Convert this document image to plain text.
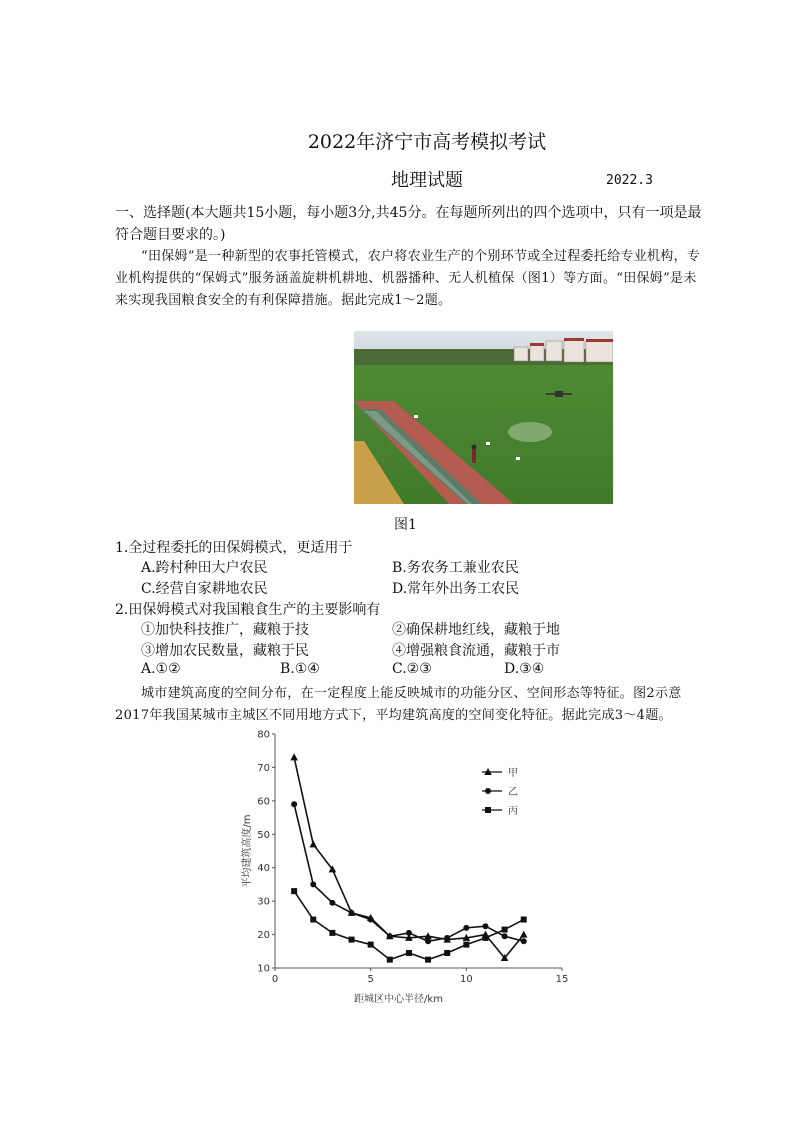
2022年济宁市高考模拟考试
地理试题	2022.3
一、选择题(本大题共15小题，每小题3分,共45分。在每题所列出的四个选项中，只有一项是最符合题目要求的。)
“田保姆”是一种新型的农事托管模式，农户将农业生产的个别环节或全过程委托给专业机构，专业机构提供的“保姆式”服务涵盖旋耕机耕地、机器播种、无人机植保（图1）等方面。“田保姆”是未来实现我国粮食安全的有利保障措施。据此完成1～2题。
图1
1.全过程委托的田保姆模式，更适用于
A.跨村种田大户农民	B.务农务工兼业农民
C.经营自家耕地农民	D.常年外出务工农民
2.田保姆模式对我国粮食生产的主要影响有
①加快科技推广，藏粮于技	②确保耕地红线，藏粮于地
③增加农民数量，藏粮于民	④增强粮食流通，藏粮于市
A.①②	B.①④	C.②③	D.③④
城市建筑高度的空间分布，在一定程度上能反映城市的功能分区、空间形态等特征。图2示意2017年我国某城市主城区不同用地方式下，平均建筑高度的空间变化特征。据此完成3～4题。
10
20
30
40
50
60
70
80
0	5	10	15
距城区中心半径/km
平均建筑高度/m
甲
乙
丙
